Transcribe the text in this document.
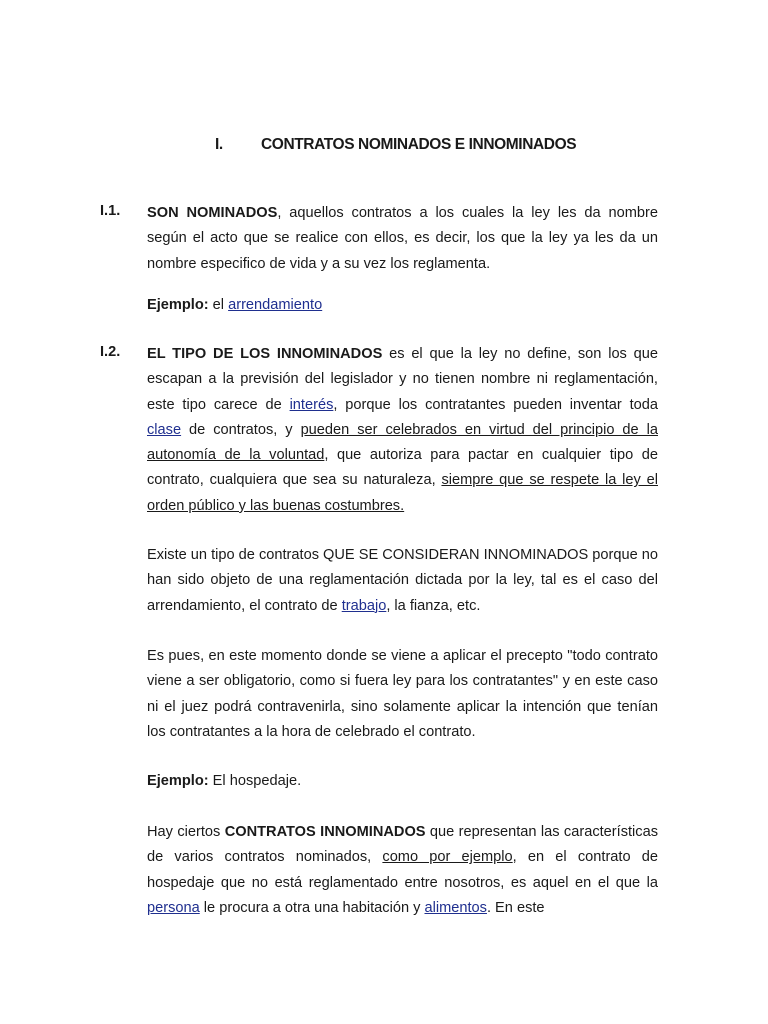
I. CONTRATOS NOMINADOS E INNOMINADOS
I.1. SON NOMINADOS, aquellos contratos a los cuales la ley les da nombre según el acto que se realice con ellos, es decir, los que la ley ya les da un nombre especifico de vida y a su vez los reglamenta.

Ejemplo: el arrendamiento

I.2. EL TIPO DE LOS INNOMINADOS es el que la ley no define, son los que escapan a la previsión del legislador y no tienen nombre ni reglamentación, este tipo carece de interés, porque los contratantes pueden inventar toda clase de contratos, y pueden ser celebrados en virtud del principio de la autonomía de la voluntad, que autoriza para pactar en cualquier tipo de contrato, cualquiera que sea su naturaleza, siempre que se respete la ley el orden público y las buenas costumbres.

Existe un tipo de contratos QUE SE CONSIDERAN INNOMINADOS porque no han sido objeto de una reglamentación dictada por la ley, tal es el caso del arrendamiento, el contrato de trabajo, la fianza, etc.

Es pues, en este momento donde se viene a aplicar el precepto "todo contrato viene a ser obligatorio, como si fuera ley para los contratantes" y en este caso ni el juez podrá contravenirla, sino solamente aplicar la intención que tenían los contratantes a la hora de celebrado el contrato.

Ejemplo: El hospedaje.

Hay ciertos CONTRATOS INNOMINADOS que representan las características de varios contratos nominados, como por ejemplo, en el contrato de hospedaje que no está reglamentado entre nosotros, es aquel en el que la persona le procura a otra una habitación y alimentos. En este
